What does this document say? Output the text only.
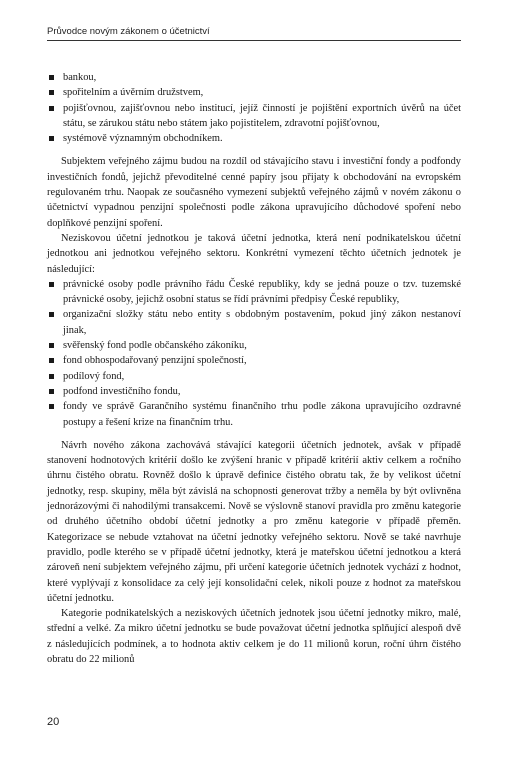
Průvodce novým zákonem o účetnictví
bankou,
spořitelním a úvěrním družstvem,
pojišťovnou, zajišťovnou nebo institucí, jejíž činností je pojištění exportních úvěrů na účet státu, se zárukou státu nebo státem jako pojistitelem, zdravotní pojišťovnou,
systémově významným obchodníkem.

Subjektem veřejného zájmu budou na rozdíl od stávajícího stavu i investiční fondy a podfondy investičních fondů, jejichž převoditelné cenné papíry jsou přijaty k obchodování na evropském regulovaném trhu. Naopak ze současného vymezení subjektů veřejného zájmů v novém zákonu o účetnictví vypadnou penzijní společnosti podle zákona upravujícího důchodové spoření nebo doplňkové penzijní spoření.

Neziskovou účetní jednotkou je taková účetní jednotka, která není podnikatelskou účetní jednotkou ani jednotkou veřejného sektoru. Konkrétní vymezení těchto účetních jednotek je následující:

právnické osoby podle právního řádu České republiky, kdy se jedná pouze o tzv. tuzemské právnické osoby, jejichž osobní status se řídí právními předpisy České republiky,
organizační složky státu nebo entity s obdobným postavením, pokud jiný zákon nestanoví jinak,
svěřenský fond podle občanského zákoníku,
fond obhospodařovaný penzijní společností,
podílový fond,
podfond investičního fondu,
fondy ve správě Garančního systému finančního trhu podle zákona upravujícího ozdravné postupy a řešení krize na finančním trhu.

Návrh nového zákona zachovává stávající kategorii účetních jednotek, avšak v případě stanovení hodnotových kritérií došlo ke zvýšení hranic v případě kritérií aktiv celkem a ročního úhrnu čistého obratu. Rovněž došlo k úpravě definice čistého obratu tak, že by velikost účetní jednotky, resp. skupiny, měla být závislá na schopnosti generovat tržby a neměla by být ovlivněna jednorázovými či nahodilými transakcemi. Nově se výslovně stanoví pravidla pro změnu kategorie od druhého účetního období účetní jednotky a pro změnu kategorie v případě přeměn. Kategorizace se nebude vztahovat na účetní jednotky veřejného sektoru. Nově se také navrhuje pravidlo, podle kterého se v případě účetní jednotky, která je mateřskou účetní jednotkou a která zároveň není subjektem veřejného zájmu, při určení kategorie účetních jednotek vychází z hodnot, které vyplývají z konsolidace za celý její konsolidační celek, nikoli pouze z hodnot za mateřskou účetní jednotku.

Kategorie podnikatelských a neziskových účetních jednotek jsou účetní jednotky mikro, malé, střední a velké. Za mikro účetní jednotku se bude považovat účetní jednotka splňující alespoň dvě z následujících podmínek, a to hodnota aktiv celkem je do 11 milionů korun, roční úhrn čistého obratu do 22 milionů

20
